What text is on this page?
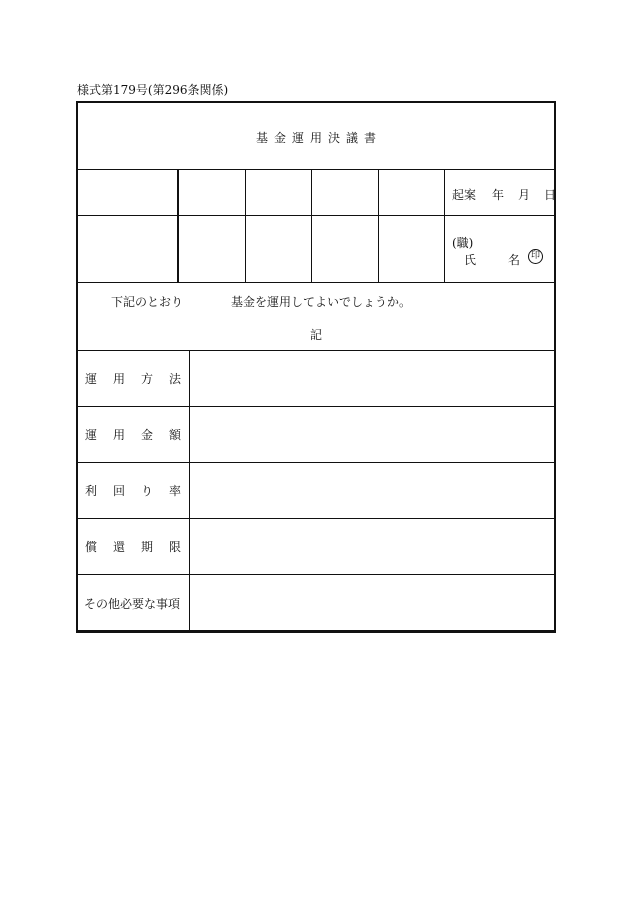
様式第179号(第296条関係)
基金運用決議書
起案	年	月	日
(職)
氏	名	印
下記のとおり	基金を運用してよいでしょうか。
記
運 用 方 法
運 用 金 額
利 回 り 率
償 還 期 限
その他必要な事項
